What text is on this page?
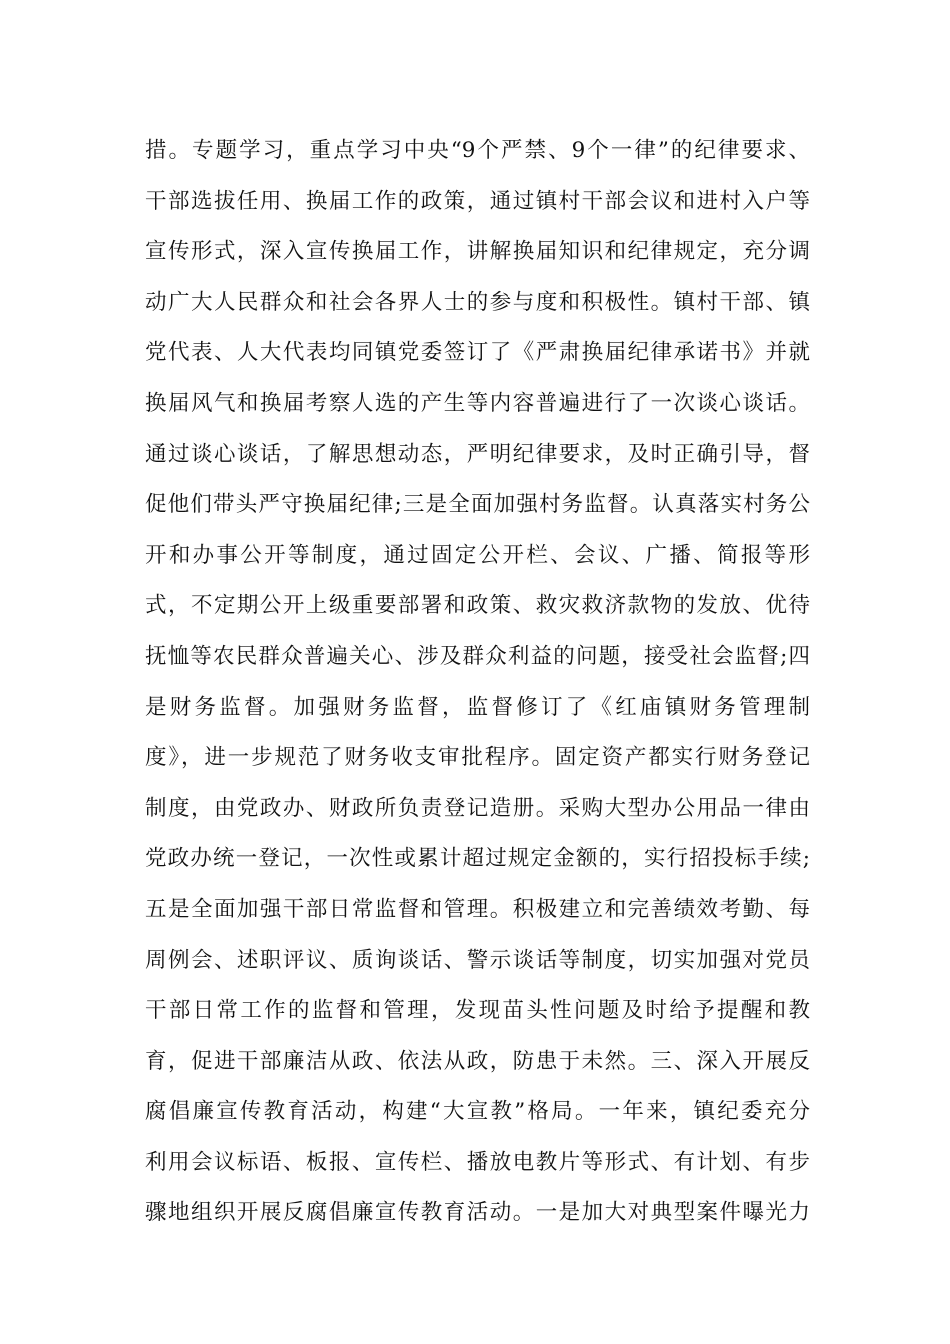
措。专题学习，重点学习中央“9个严禁、9个一律”的纪律要求、
干部选拔任用、换届工作的政策，通过镇村干部会议和进村入户等
宣传形式，深入宣传换届工作，讲解换届知识和纪律规定，充分调
动广大人民群众和社会各界人士的参与度和积极性。镇村干部、镇
党代表、人大代表均同镇党委签订了《严肃换届纪律承诺书》并就
换届风气和换届考察人选的产生等内容普遍进行了一次谈心谈话。
通过谈心谈话，了解思想动态，严明纪律要求，及时正确引导，督
促他们带头严守换届纪律;三是全面加强村务监督。认真落实村务公
开和办事公开等制度，通过固定公开栏、会议、广播、简报等形
式，不定期公开上级重要部署和政策、救灾救济款物的发放、优待
抚恤等农民群众普遍关心、涉及群众利益的问题，接受社会监督;四
是财务监督。加强财务监督，监督修订了《红庙镇财务管理制
度》，进一步规范了财务收支审批程序。固定资产都实行财务登记
制度，由党政办、财政所负责登记造册。采购大型办公用品一律由
党政办统一登记，一次性或累计超过规定金额的，实行招投标手续;
五是全面加强干部日常监督和管理。积极建立和完善绩效考勤、每
周例会、述职评议、质询谈话、警示谈话等制度，切实加强对党员
干部日常工作的监督和管理，发现苗头性问题及时给予提醒和教
育，促进干部廉洁从政、依法从政，防患于未然。三、深入开展反
腐倡廉宣传教育活动，构建“大宣教”格局。一年来，镇纪委充分
利用会议标语、板报、宣传栏、播放电教片等形式、有计划、有步
骤地组织开展反腐倡廉宣传教育活动。一是加大对典型案件曝光力
